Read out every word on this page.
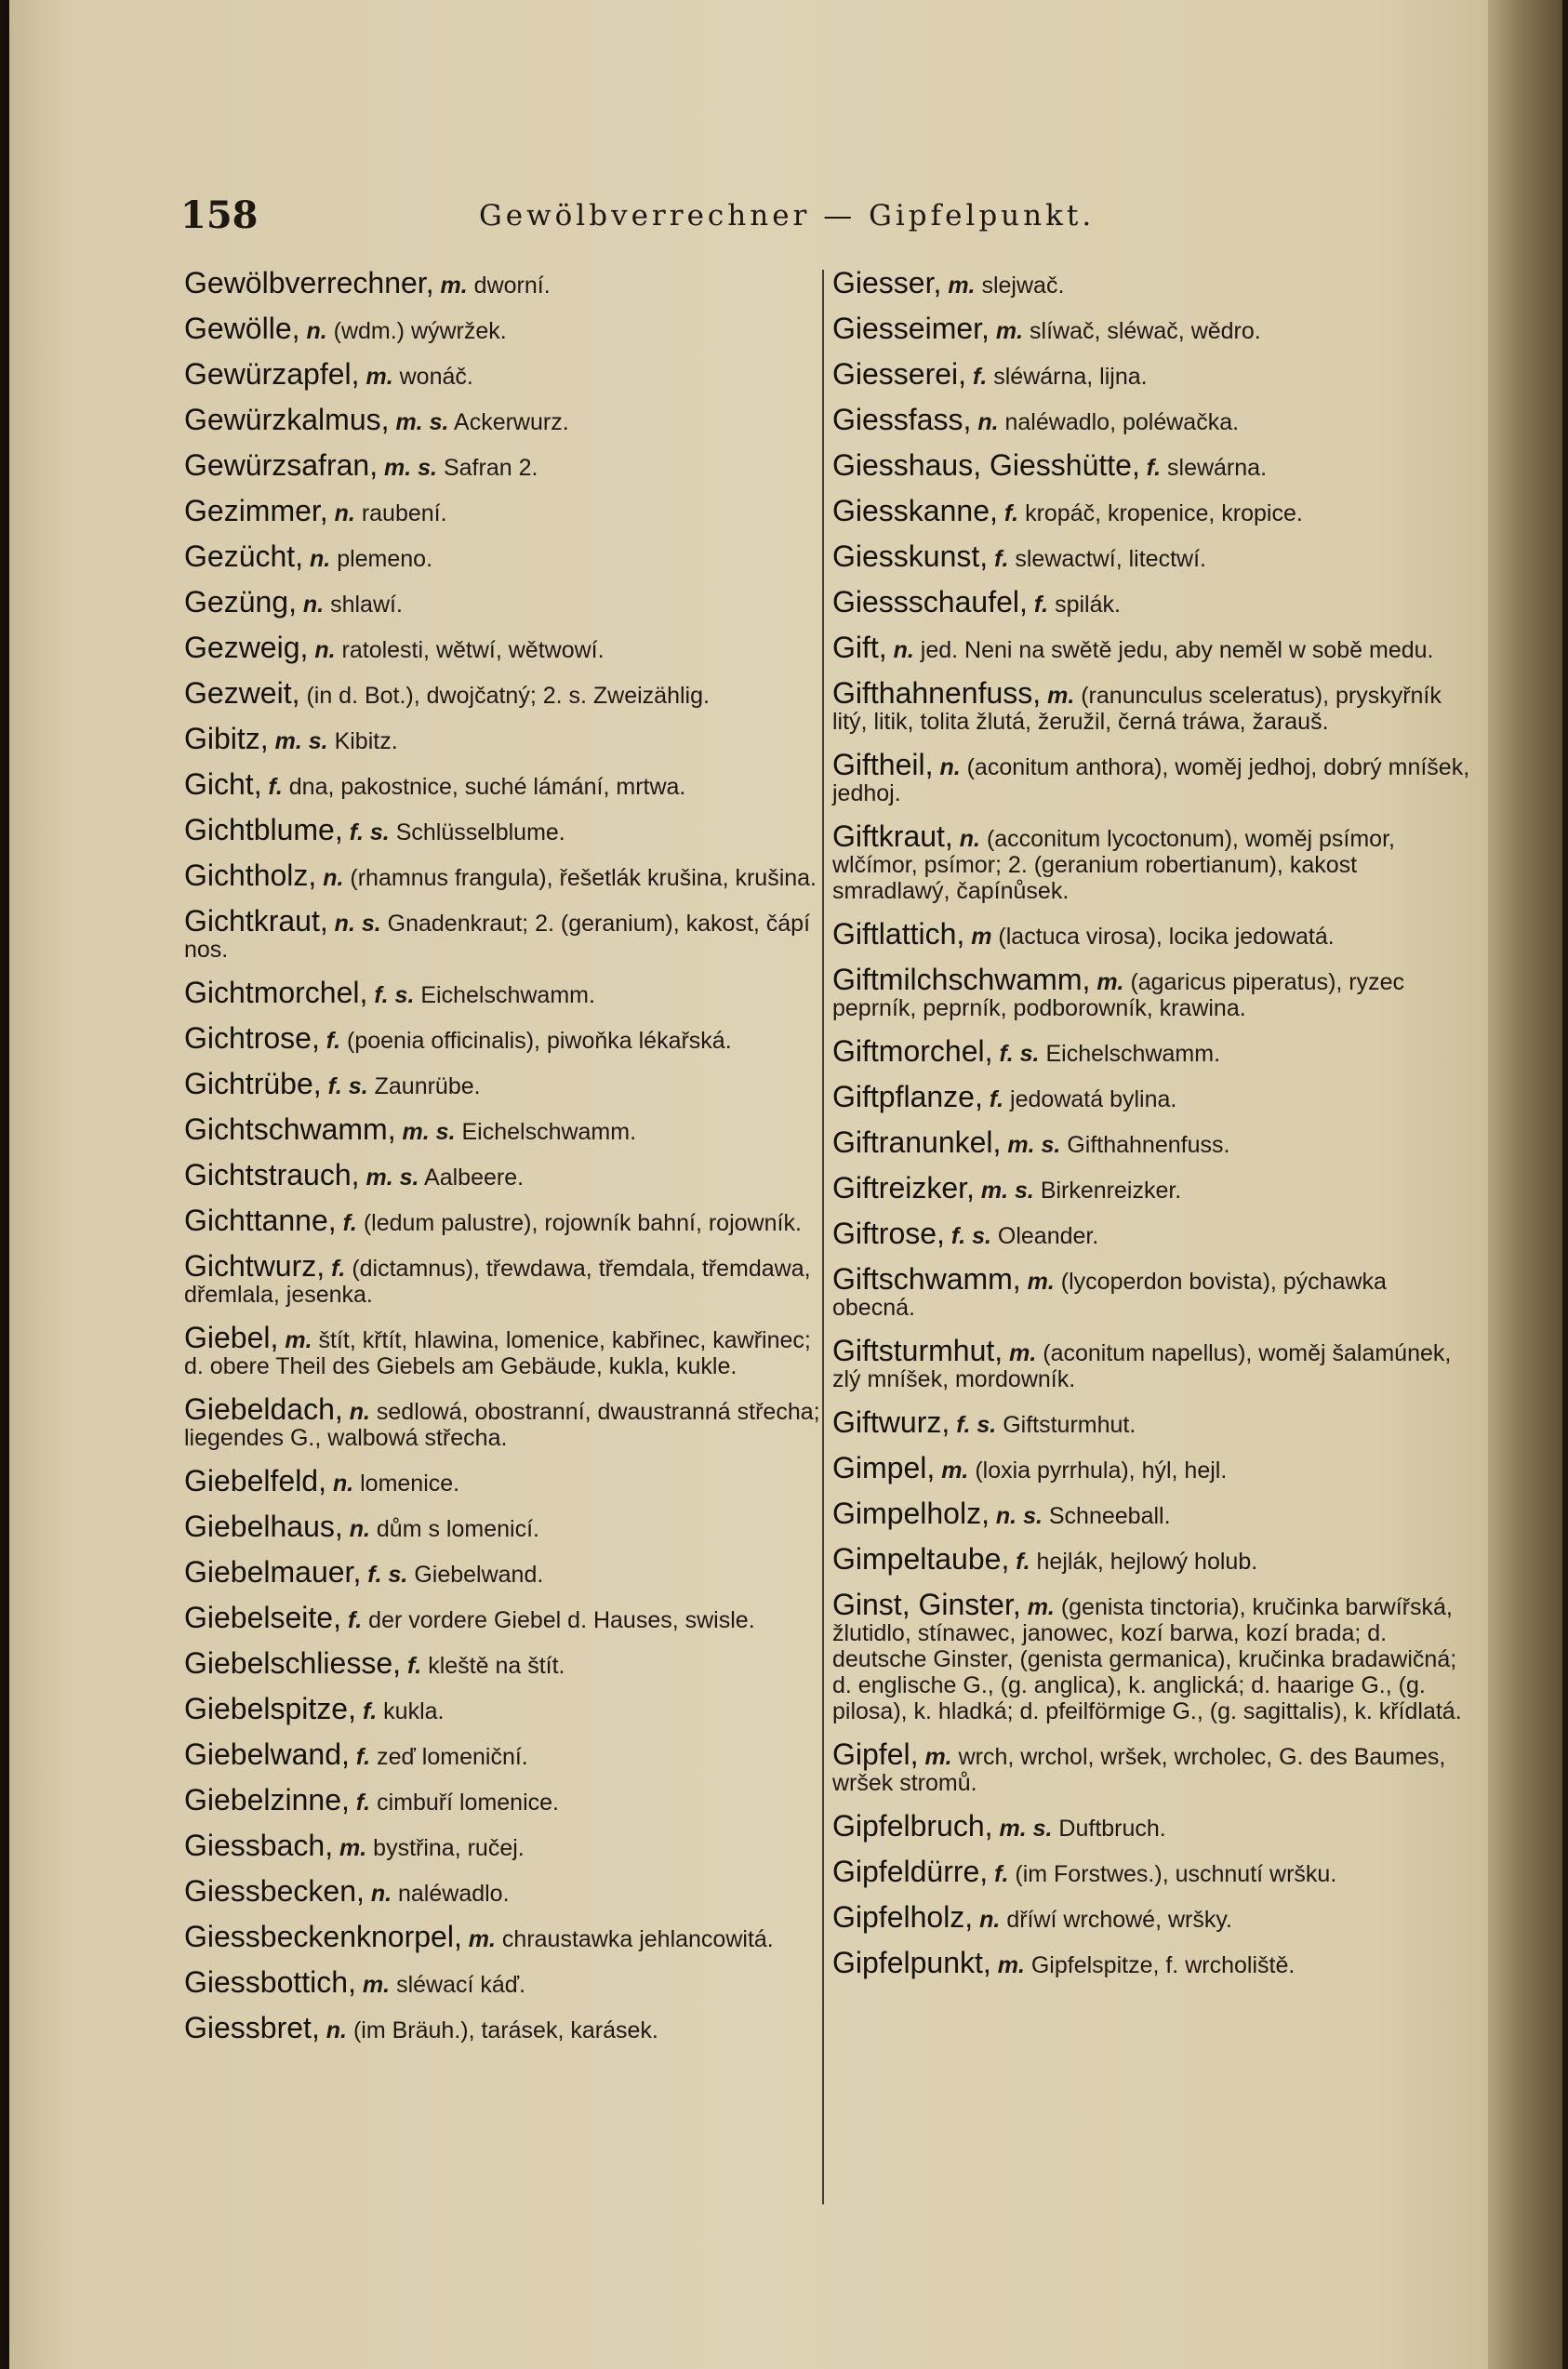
158	Gewölbverrechner — Gipfelpunkt.
Gewölbverrechner, m. dworní.
Gewölle, n. (wdm.) wýwržek.
Gewürzapfel, m. wonáč.
Gewürzkalmus, m. s. Ackerwurz.
Gewürzsafran, m. s. Safran 2.
Gezimmer, n. raubení.
Gezücht, n. plemeno.
Gezüng, n. shlawí.
Gezweig, n. ratolesti, wětwí, wětwowí.
Gezweit, (in d. Bot.), dwojčatný; 2. s. Zweizählig.
Gibitz, m. s. Kibitz.
Gicht, f. dna, pakostnice, suché lámání, mrtwa.
Gichtblume, f. s. Schlüsselblume.
Gichtholz, n. (rhamnus frangula), řešetlák krušina, krušina.
Gichtkraut, n. s. Gnadenkraut; 2. (geranium), kakost, čápí nos.
Gichtmorchel, f. s. Eichelschwamm.
Gichtrose, f. (poenia officinalis), piwoňka lékařská.
Gichtrübe, f. s. Zaunrübe.
Gichtschwamm, m. s. Eichelschwamm.
Gichtstrauch, m. s. Aalbeere.
Gichttanne, f. (ledum palustre), rojowník bahní, rojowník.
Gichtwurz, f. (dictamnus), třewdawa, třemdala, třemdawa, dřemlala, jesenka.
Giebel, m. štít, křtít, hlawina, lomenice, kabřinec, kawřinec; d. obere Theil des Giebels am Gebäude, kukla, kukle.
Giebeldach, n. sedlowá, obostranní, dwaustranná střecha; liegendes G., walbowá střecha.
Giebelfeld, n. lomenice.
Giebelhaus, n. dům s lomenicí.
Giebelmauer, f. s. Giebelwand.
Giebelseite, f. der vordere Giebel d. Hauses, swisle.
Giebelschliesse, f. kleště na štít.
Giebelspitze, f. kukla.
Giebelwand, f. zeď lomeniční.
Giebelzinne, f. cimbuří lomenice.
Giessbach, m. bystřina, ručej.
Giessbecken, n. naléwadlo.
Giessbeckenknorpel, m. chraustawka jehlancowitá.
Giessbottich, m. sléwací káď.
Giessbret, n. (im Bräuh.), tarásek, karásek.
Giesser, m. slejwač.
Giesseimer, m. slíwač, sléwač, wědro.
Giesserei, f. sléwárna, lijna.
Giessfass, n. naléwadlo, poléwačka.
Giesshaus, Giesshütte, f. slewárna.
Giesskanne, f. kropáč, kropenice, kropice.
Giesskunst, f. slewactwí, litectwí.
Giessschaufel, f. spilák.
Gift, n. jed. Neni na swětě jedu, aby neměl w sobě medu.
Gifthahnenfuss, m. (ranunculus sceleratus), pryskyřník litý, litik, tolita žlutá, žeružil, černá tráwa, žarauš.
Giftheil, n. (aconitum anthora), woměj jedhoj, dobrý mníšek, jedhoj.
Giftkraut, n. (acconitum lycoctonum), woměj psímor, wlčímor, psímor; 2. (geranium robertianum), kakost smradlawý, čapínůsek.
Giftlattich, m (lactuca virosa), locika jedowatá.
Giftmilchschwamm, m. (agaricus piperatus), ryzec peprník, peprník, podborowník, krawina.
Giftmorchel, f. s. Eichelschwamm.
Giftpflanze, f. jedowatá bylina.
Giftranunkel, m. s. Gifthahnenfuss.
Giftreizker, m. s. Birkenreizker.
Giftrose, f. s. Oleander.
Giftschwamm, m. (lycoperdon bovista), pýchawka obecná.
Giftsturmhut, m. (aconitum napellus), woměj šalamúnek, zlý mníšek, mordowník.
Giftwurz, f. s. Giftsturmhut.
Gimpel, m. (loxia pyrrhula), hýl, hejl.
Gimpelholz, n. s. Schneeball.
Gimpeltaube, f. hejlák, hejlowý holub.
Ginst, Ginster, m. (genista tinctoria), kručinka barwířská, žlutidlo, stínawec, janowec, kozí barwa, kozí brada; d. deutsche Ginster, (genista germanica), kručinka bradawičná; d. englische G., (g. anglica), k. anglická; d. haarige G., (g. pilosa), k. hladká; d. pfeilförmige G., (g. sagittalis), k. křídlatá.
Gipfel, m. wrch, wrchol, wršek, wrcholec, G. des Baumes, wršek stromů.
Gipfelbruch, m. s. Duftbruch.
Gipfeldürre, f. (im Forstwes.), uschnutí wršku.
Gipfelholz, n. dříwí wrchowé, wršky.
Gipfelpunkt, m. Gipfelspitze, f. wrcholiště.
